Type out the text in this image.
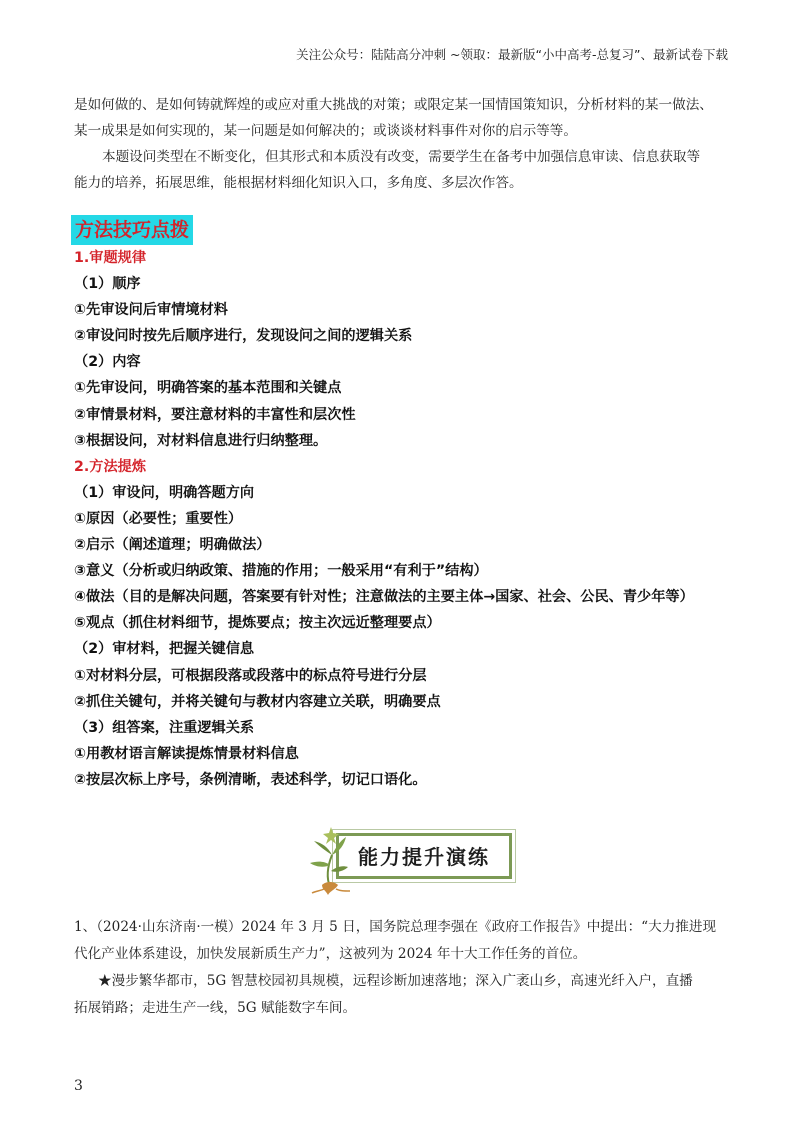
关注公众号：陆陆高分冲刺 ~领取：最新版“小中高考-总复习”、最新试卷下载

是如何做的、是如何铸就辉煌的或应对重大挑战的对策；或限定某一国情国策知识，分析材料的某一做法、

某一成果是如何实现的，某一问题是如何解决的；或谈谈材料事件对你的启示等等。

本题设问类型在不断变化，但其形式和本质没有改变，需要学生在备考中加强信息审读、信息获取等

能力的培养，拓展思维，能根据材料细化知识入口，多角度、多层次作答。

方法技巧点拨
1.审题规律
（1）顺序
①先审设问后审情境材料
②审设问时按先后顺序进行，发现设问之间的逻辑关系
（2）内容
①先审设问，明确答案的基本范围和关键点
②审情景材料，要注意材料的丰富性和层次性
③根据设问，对材料信息进行归纳整理。
2.方法提炼
（1）审设问，明确答题方向
①原因（必要性；重要性）
②启示（阐述道理；明确做法）
③意义（分析或归纳政策、措施的作用；一般采用“有利于”结构）
④做法（目的是解决问题，答案要有针对性；注意做法的主要主体→国家、社会、公民、青少年等）
⑤观点（抓住材料细节，提炼要点；按主次远近整理要点）
（2）审材料，把握关键信息
①对材料分层，可根据段落或段落中的标点符号进行分层
②抓住关键句，并将关键句与教材内容建立关联，明确要点
（3）组答案，注重逻辑关系
①用教材语言解读提炼情景材料信息
②按层次标上序号，条例清晰，表述科学，切记口语化。
能力提升演练

1、（2024·山东济南·一模）2024 年 3 月 5 日，国务院总理李强在《政府工作报告》中提出：“大力推进现

代化产业体系建设，加快发展新质生产力”，这被列为 2024 年十大工作任务的首位。

★漫步繁华都市，5G 智慧校园初具规模，远程诊断加速落地；深入广袤山乡，高速光纤入户，直播

拓展销路；走进生产一线，5G 赋能数字车间。

3
